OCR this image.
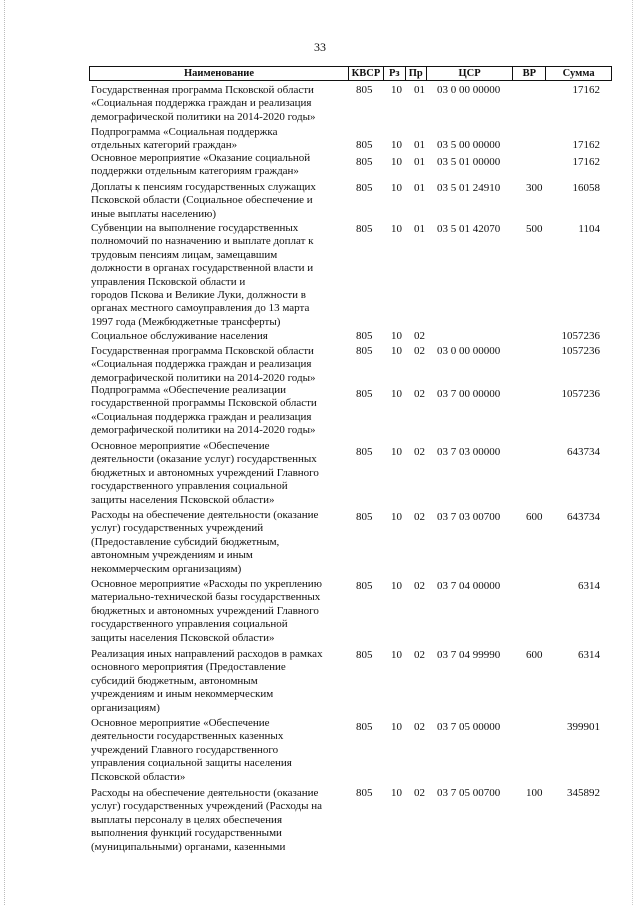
33
Наименование	КВСР Рз Пр	ЦСР	ВР	Сумма
Государственная программа Псковской области
«Социальная поддержка граждан и реализация
демографической политики на 2014-2020 годы»
805 10 01 03 0 00 00000	17162
Подпрограмма «Социальная поддержка
отдельных категорий граждан»	805 10 01 03 5 00 00000	17162
Основное мероприятие «Оказание социальной
поддержки отдельным категориям граждан»
805 10 01 03 5 01 00000	17162
Доплаты к пенсиям государственных служащих
Псковской области (Социальное обеспечение и
иные выплаты населению)
805 10 01 03 5 01 24910 300	16058
Субвенции на выполнение государственных
полномочий по назначению и выплате доплат к
трудовым пенсиям лицам, замещавшим
должности в органах государственной власти и
управления Псковской области и
городов Пскова и Великие Луки, должности в
органах местного самоуправления до 13 марта
1997 года (Межбюджетные трансферты)
805 10 01 03 5 01 42070 500	1104
Социальное обслуживание населения	805 10 02	1057236
Государственная программа Псковской области
«Социальная поддержка граждан и реализация
демографической политики на 2014-2020 годы»
805 10 02 03 0 00 00000	1057236
Подпрограмма «Обеспечение реализации
государственной программы Псковской области
«Социальная поддержка граждан и реализация
демографической политики на 2014-2020 годы»
805 10 02 03 7 00 00000	1057236
Основное мероприятие «Обеспечение
деятельности (оказание услуг) государственных
бюджетных и автономных учреждений Главного
государственного управления социальной
защиты населения Псковской области»
805 10 02 03 7 03 00000	643734
Расходы на обеспечение деятельности (оказание
услуг) государственных учреждений
(Предоставление субсидий бюджетным,
автономным учреждениям и иным
некоммерческим организациям)
805 10 02 03 7 03 00700 600 643734
Основное мероприятие «Расходы по укреплению
материально-технической базы государственных
бюджетных и автономных учреждений Главного
государственного управления социальной
защиты населения Псковской области»
805 10 02 03 7 04 00000	6314
Реализация иных направлений расходов в рамках
основного мероприятия (Предоставление
субсидий бюджетным, автономным
учреждениям и иным некоммерческим
организациям)
805 10 02 03 7 04 99990 600	6314
Основное мероприятие «Обеспечение
деятельности государственных казенных
учреждений Главного государственного
управления социальной защиты населения
Псковской области»
805 10 02 03 7 05 00000	399901
Расходы на обеспечение деятельности (оказание
услуг) государственных учреждений (Расходы на
выплаты персоналу в целях обеспечения
выполнения функций государственными
(муниципальными) органами, казенными
805 10 02 03 7 05 00700 100 345892
